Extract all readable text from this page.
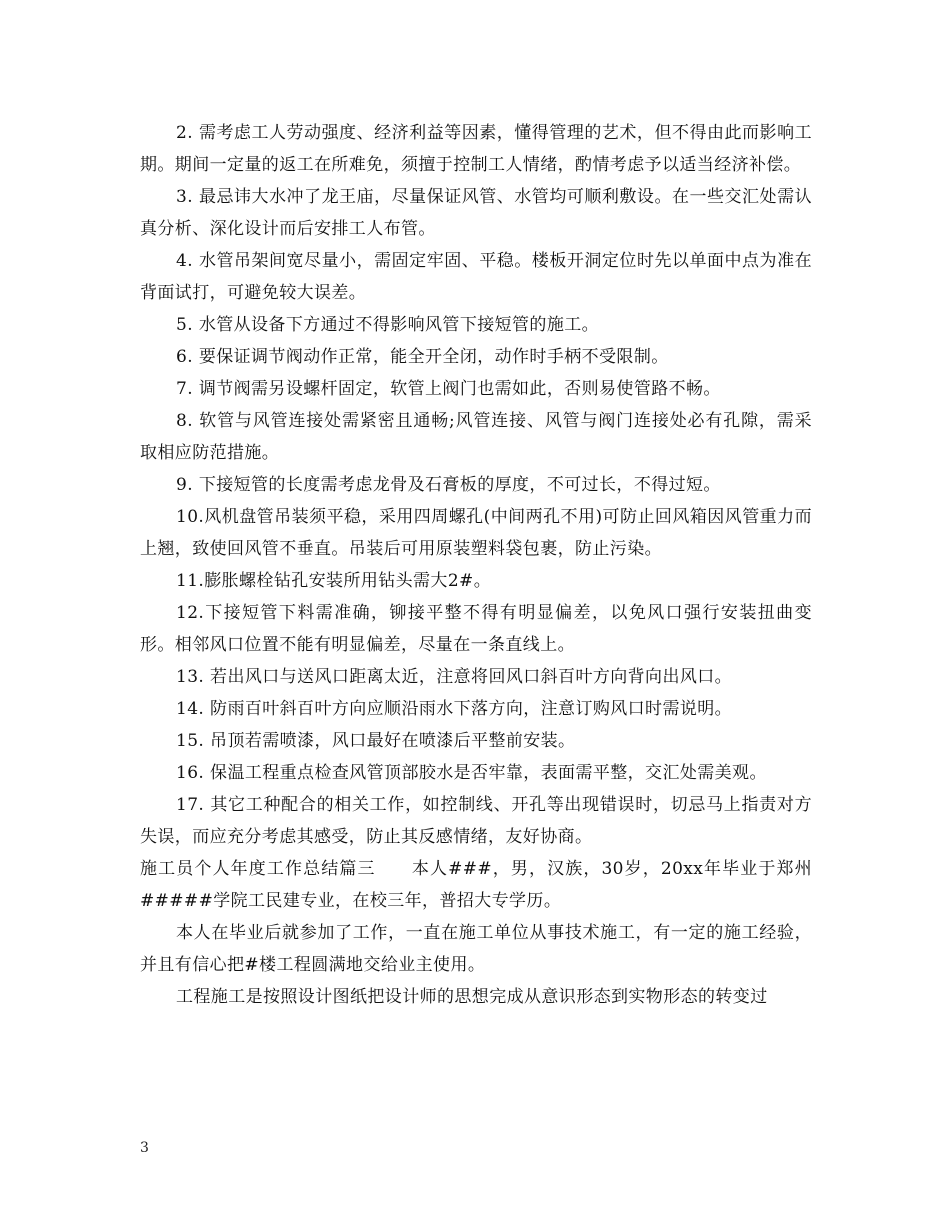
2. 需考虑工人劳动强度、经济利益等因素，懂得管理的艺术，但不得由此而影响工期。期间一定量的返工在所难免，须擅于控制工人情绪，酌情考虑予以适当经济补偿。

3. 最忌讳大水冲了龙王庙，尽量保证风管、水管均可顺利敷设。在一些交汇处需认真分析、深化设计而后安排工人布管。

4. 水管吊架间宽尽量小，需固定牢固、平稳。楼板开洞定位时先以单面中点为准在背面试打，可避免较大误差。

5. 水管从设备下方通过不得影响风管下接短管的施工。

6. 要保证调节阀动作正常，能全开全闭，动作时手柄不受限制。

7. 调节阀需另设螺杆固定，软管上阀门也需如此，否则易使管路不畅。

8. 软管与风管连接处需紧密且通畅;风管连接、风管与阀门连接处必有孔隙，需采取相应防范措施。

9. 下接短管的长度需考虑龙骨及石膏板的厚度，不可过长，不得过短。

10.风机盘管吊装须平稳，采用四周螺孔(中间两孔不用)可防止回风箱因风管重力而上翘，致使回风管不垂直。吊装后可用原装塑料袋包裹，防止污染。

11.膨胀螺栓钻孔安装所用钻头需大2#。

12.下接短管下料需准确，铆接平整不得有明显偏差，以免风口强行安装扭曲变形。相邻风口位置不能有明显偏差，尽量在一条直线上。

13. 若出风口与送风口距离太近，注意将回风口斜百叶方向背向出风口。

14. 防雨百叶斜百叶方向应顺沿雨水下落方向，注意订购风口时需说明。

15. 吊顶若需喷漆，风口最好在喷漆后平整前安装。

16. 保温工程重点检查风管顶部胶水是否牢靠，表面需平整，交汇处需美观。

17. 其它工种配合的相关工作，如控制线、开孔等出现错误时，切忌马上指责对方失误，而应充分考虑其感受，防止其反感情绪，友好协商。

施工员个人年度工作总结篇三　　本人###，男，汉族，30岁，20xx年毕业于郑州#####学院工民建专业，在校三年，普招大专学历。

本人在毕业后就参加了工作，一直在施工单位从事技术施工，有一定的施工经验，并且有信心把#楼工程圆满地交给业主使用。

工程施工是按照设计图纸把设计师的思想完成从意识形态到实物形态的转变过

3
